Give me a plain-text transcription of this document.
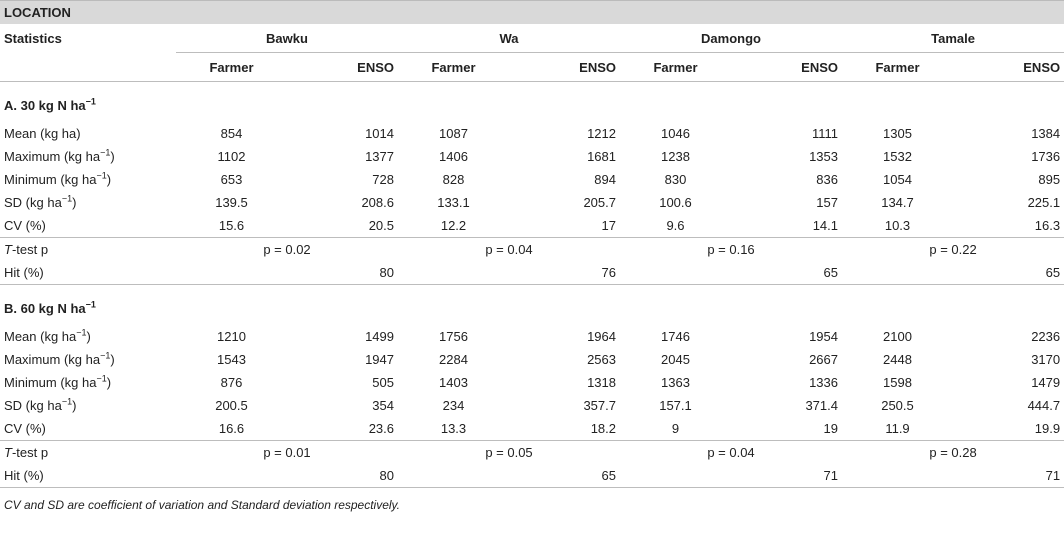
LOCATION								
Statistics	Bawku		Wa		Damongo		Tamale	
	Farmer	ENSO	Farmer	ENSO	Farmer	ENSO	Farmer	ENSO
A. 30 kg N $ha^{-1}$
Mean (kg ha)	854	1014	1087	1212	1046	1111	1305	1384
Maximum (kg $ha^{-1}$)	1102	1377	1406	1681	1238	1353	1532	1736
Minimum (kg $ha^{-1}$)	653	728	828	894	830	836	1054	895
SD (kg $ha^{-1}$)	139.5	208.6	133.1	205.7	100.6	157	134.7	225.1
CV (%)	15.6	20.5	12.2	17	9.6	14.1	10.3	16.3
T-test p	p = 0.02		p = 0.04		p = 0.16		p = 0.22	
Hit (%)		80		76		65		65
B. 60 kg N $ha^{-1}$
Mean (kg $ha^{-1}$)	1210	1499	1756	1964	1746	1954	2100	2236
Maximum (kg $ha^{-1}$)	1543	1947	2284	2563	2045	2667	2448	3170
Minimum (kg $ha^{-1}$)	876	505	1403	1318	1363	1336	1598	1479
SD (kg $ha^{-1}$)	200.5	354	234	357.7	157.1	371.4	250.5	444.7
CV (%)	16.6	23.6	13.3	18.2	9	19	11.9	19.9
T-test p	p = 0.01		p = 0.05		p = 0.04		p = 0.28	
Hit (%)		80		65		71		71
CV and SD are coefficient of variation and Standard deviation respectively.								
